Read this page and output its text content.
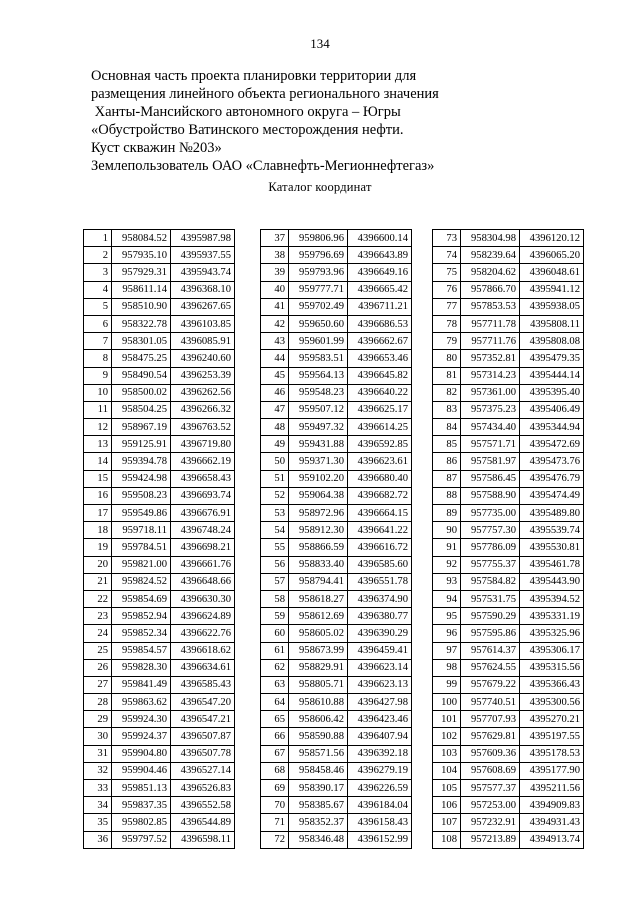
134
Основная часть проекта планировки территории для
размещения линейного объекта регионального значения
Ханты-Мансийского автономного округа – Югры
«Обустройство Ватинского месторождения нефти.
Куст скважин №203»
Землепользователь ОАО «Славнефть-Мегионнефтегаз»
Каталог координат
1	958084.52	4395987.98
2	957935.10	4395937.55
3	957929.31	4395943.74
4	958611.14	4396368.10
5	958510.90	4396267.65
6	958322.78	4396103.85
7	958301.05	4396085.91
8	958475.25	4396240.60
9	958490.54	4396253.39
10	958500.02	4396262.56
11	958504.25	4396266.32
12	958967.19	4396763.52
13	959125.91	4396719.80
14	959394.78	4396662.19
15	959424.98	4396658.43
16	959508.23	4396693.74
17	959549.86	4396676.91
18	959718.11	4396748.24
19	959784.51	4396698.21
20	959821.00	4396661.76
21	959824.52	4396648.66
22	959854.69	4396630.30
23	959852.94	4396624.89
24	959852.34	4396622.76
25	959854.57	4396618.62
26	959828.30	4396634.61
27	959841.49	4396585.43
28	959863.62	4396547.20
29	959924.30	4396547.21
30	959924.37	4396507.87
31	959904.80	4396507.78
32	959904.46	4396527.14
33	959851.13	4396526.83
34	959837.35	4396552.58
35	959802.85	4396544.89
36	959797.52	4396598.11
37	959806.96	4396600.14
38	959796.69	4396643.89
39	959793.96	4396649.16
40	959777.71	4396665.42
41	959702.49	4396711.21
42	959650.60	4396686.53
43	959601.99	4396662.67
44	959583.51	4396653.46
45	959564.13	4396645.82
46	959548.23	4396640.22
47	959507.12	4396625.17
48	959497.32	4396614.25
49	959431.88	4396592.85
50	959371.30	4396623.61
51	959102.20	4396680.40
52	959064.38	4396682.72
53	958972.96	4396664.15
54	958912.30	4396641.22
55	958866.59	4396616.72
56	958833.40	4396585.60
57	958794.41	4396551.78
58	958618.27	4396374.90
59	958612.69	4396380.77
60	958605.02	4396390.29
61	958673.99	4396459.41
62	958829.91	4396623.14
63	958805.71	4396623.13
64	958610.88	4396427.98
65	958606.42	4396423.46
66	958590.88	4396407.94
67	958571.56	4396392.18
68	958458.46	4396279.19
69	958390.17	4396226.59
70	958385.67	4396184.04
71	958352.37	4396158.43
72	958346.48	4396152.99
73	958304.98	4396120.12
74	958239.64	4396065.20
75	958204.62	4396048.61
76	957866.70	4395941.12
77	957853.53	4395938.05
78	957711.78	4395808.11
79	957711.76	4395808.08
80	957352.81	4395479.35
81	957314.23	4395444.14
82	957361.00	4395395.40
83	957375.23	4395406.49
84	957434.40	4395344.94
85	957571.71	4395472.69
86	957581.97	4395473.76
87	957586.45	4395476.79
88	957588.90	4395474.49
89	957735.00	4395489.80
90	957757.30	4395539.74
91	957786.09	4395530.81
92	957755.37	4395461.78
93	957584.82	4395443.90
94	957531.75	4395394.52
95	957590.29	4395331.19
96	957595.86	4395325.96
97	957614.37	4395306.17
98	957624.55	4395315.56
99	957679.22	4395366.43
100	957740.51	4395300.56
101	957707.93	4395270.21
102	957629.81	4395197.55
103	957609.36	4395178.53
104	957608.69	4395177.90
105	957577.37	4395211.56
106	957253.00	4394909.83
107	957232.91	4394931.43
108	957213.89	4394913.74
